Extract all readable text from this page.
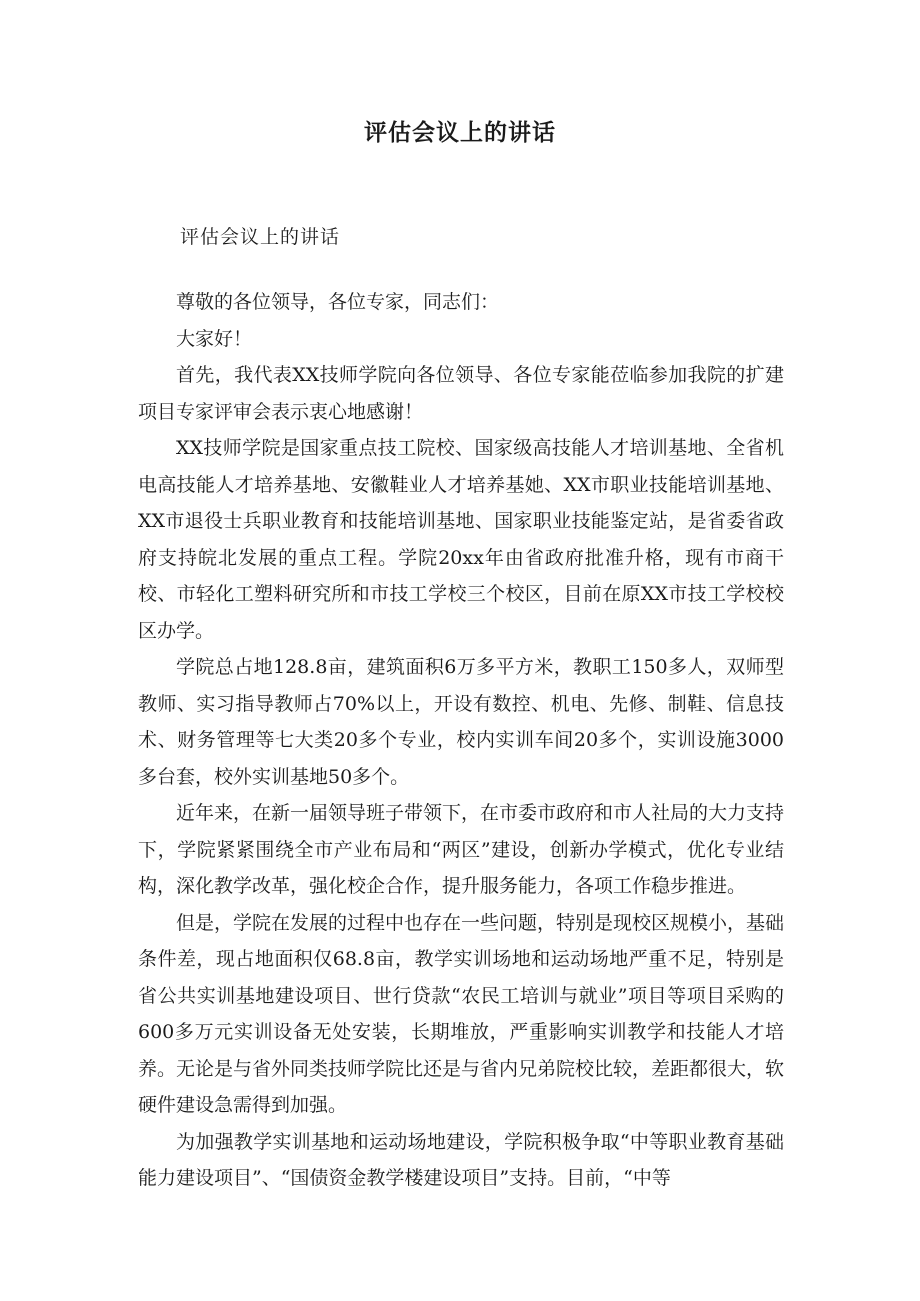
评估会议上的讲话
评估会议上的讲话

尊敬的各位领导，各位专家，同志们：

大家好！

首先，我代表XX技师学院向各位领导、各位专家能莅临参加我院的扩建项目专家评审会表示衷心地感谢！

XX技师学院是国家重点技工院校、国家级高技能人才培训基地、全省机电高技能人才培养基地、安徽鞋业人才培养基她、XX市职业技能培训基地、XX市退役士兵职业教育和技能培训基地、国家职业技能鉴定站，是省委省政府支持皖北发展的重点工程。学院20xx年由省政府批准升格，现有市商干校、市轻化工塑料研究所和市技工学校三个校区，目前在原XX市技工学校校区办学。

学院总占地128.8亩，建筑面积6万多平方米，教职工150多人，双师型教师、实习指导教师占70%以上，开设有数控、机电、先修、制鞋、信息技术、财务管理等七大类20多个专业，校内实训车间20多个，实训设施3000多台套，校外实训基地50多个。

近年来，在新一届领导班子带领下，在市委市政府和市人社局的大力支持下，学院紧紧围绕全市产业布局和“两区”建设，创新办学模式，优化专业结构，深化教学改革，强化校企合作，提升服务能力，各项工作稳步推进。

但是，学院在发展的过程中也存在一些问题，特别是现校区规模小，基础条件差，现占地面积仅68.8亩，教学实训场地和运动场地严重不足，特别是省公共实训基地建设项目、世行贷款“农民工培训与就业”项目等项目采购的600多万元实训设备无处安装，长期堆放，严重影响实训教学和技能人才培养。无论是与省外同类技师学院比还是与省内兄弟院校比较，差距都很大，软硬件建设急需得到加强。

为加强教学实训基地和运动场地建设，学院积极争取“中等职业教育基础能力建设项目”、“国债资金教学楼建设项目”支持。目前，“中等
